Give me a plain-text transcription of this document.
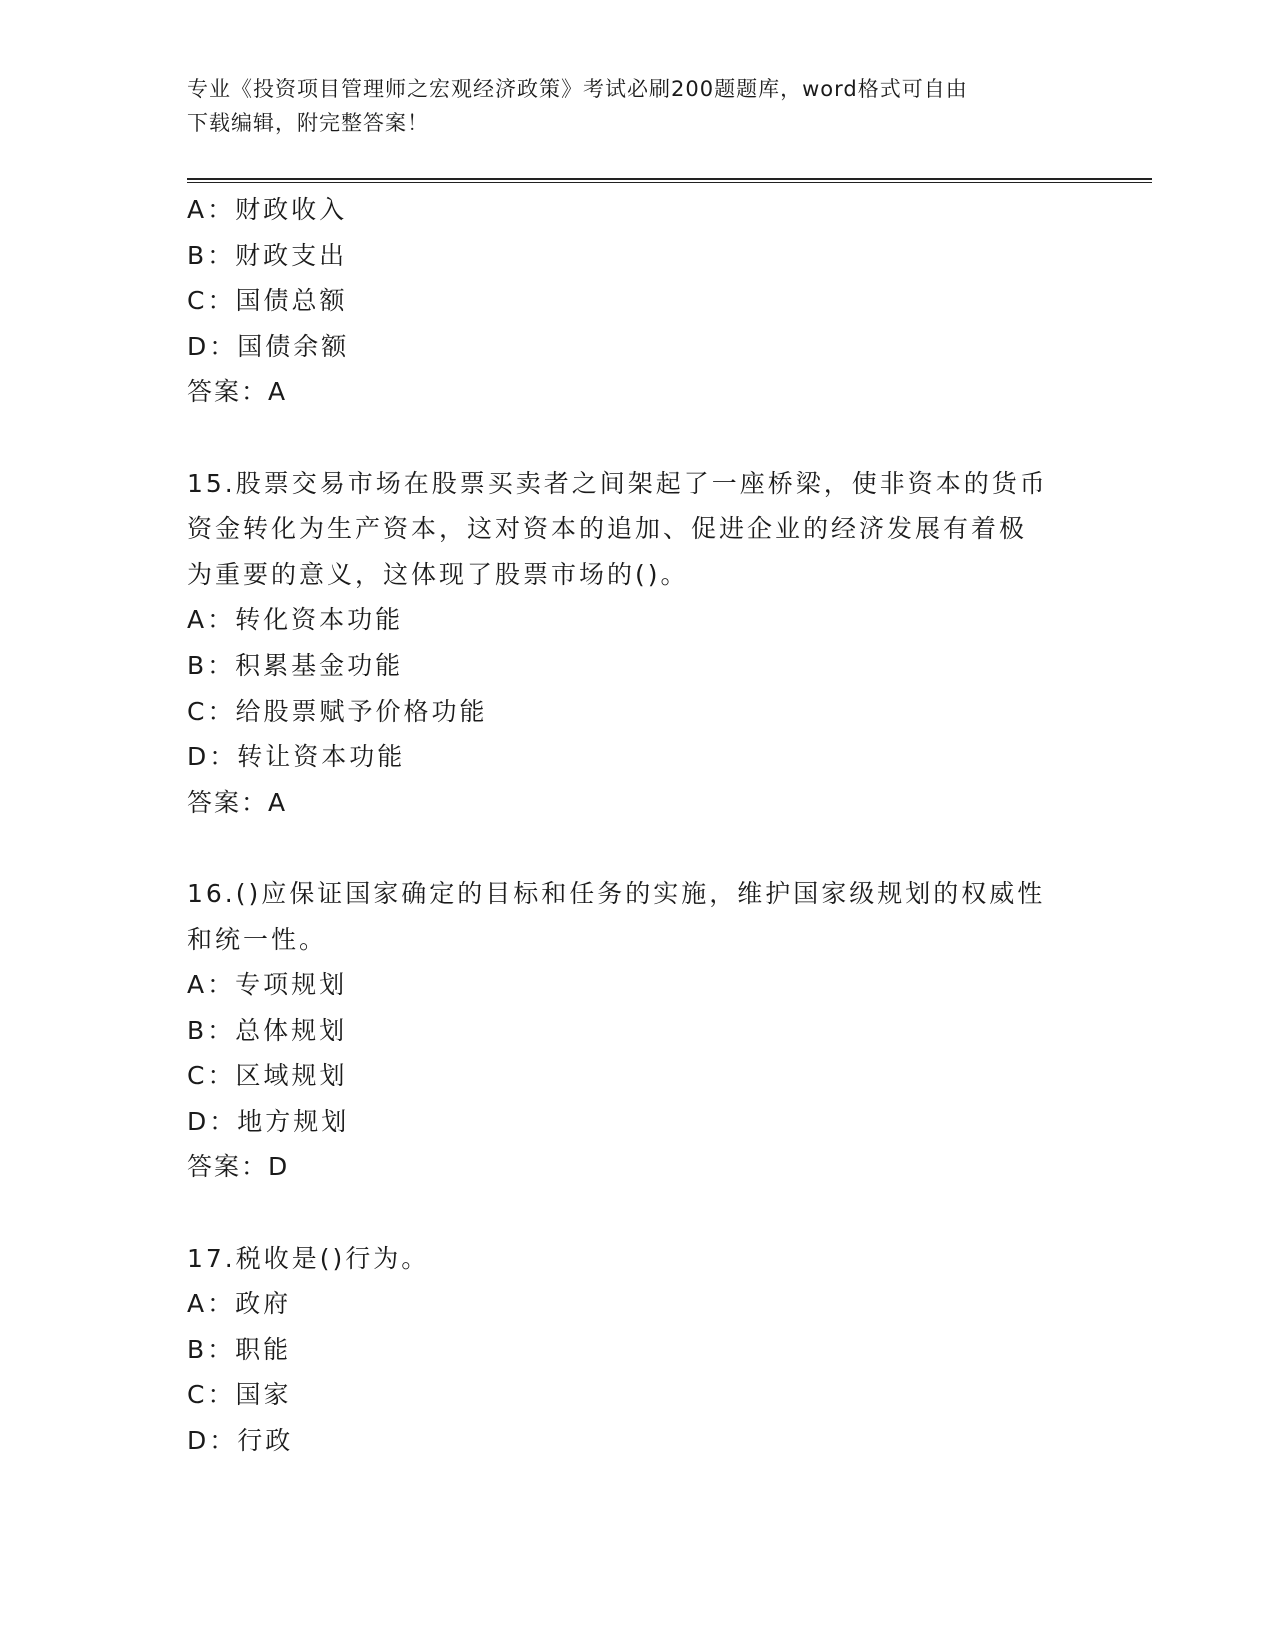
专业《投资项目管理师之宏观经济政策》考试必刷200题题库，word格式可自由
下载编辑，附完整答案！
A：财政收入
B：财政支出
C：国债总额
D：国债余额
答案：A
15.股票交易市场在股票买卖者之间架起了一座桥梁，使非资本的货币
资金转化为生产资本，这对资本的追加、促进企业的经济发展有着极
为重要的意义，这体现了股票市场的()。
A：转化资本功能
B：积累基金功能
C：给股票赋予价格功能
D：转让资本功能
答案：A
16.()应保证国家确定的目标和任务的实施，维护国家级规划的权威性
和统一性。
A：专项规划
B：总体规划
C：区域规划
D：地方规划
答案：D
17.税收是()行为。
A：政府
B：职能
C：国家
D：行政
